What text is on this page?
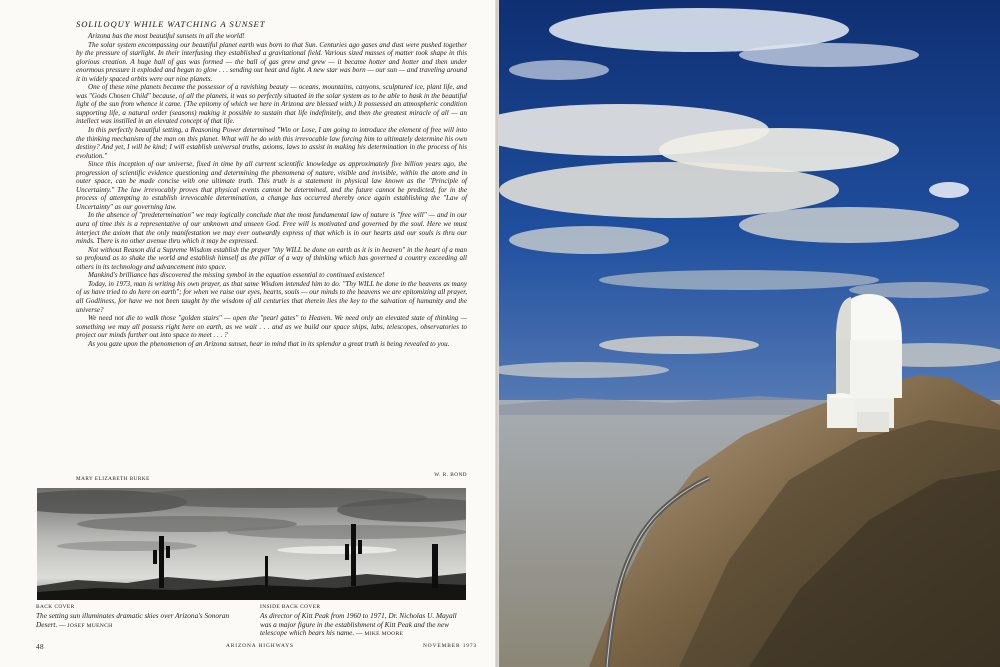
SOLILOQUY WHILE WATCHING A SUNSET

Arizona has the most beautiful sunsets in all the world!

The solar system encompassing our beautiful planet earth was born to that Sun. Centuries ago gases and dust were pushed together by the pressure of starlight. In their interfusing they established a gravitational field. Various sized masses of matter took shape in this glorious creation. A huge ball of gas was formed — the ball of gas grew and grew — it became hotter and hotter and then under enormous pressure it exploded and began to glow . . . sending out heat and light. A new star was born — our sun — and traveling around it in widely spaced orbits were our nine planets.

One of these nine planets became the possessor of a ravishing beauty — oceans, mountains, canyons, sculptured ice, plant life, and was "Gods Chosen Child" because, of all the planets, it was so perfectly situated in the solar system as to be able to bask in the beautiful light of the sun from whence it came. (The epitomy of which we here in Arizona are blessed with.) It possessed an atmospheric condition supporting life, a natural order (seasons) making it possible to sustain that life indefinitely, and then the greatest miracle of all — an intellect was instilled in an elevated concept of that life.

In this perfectly beautiful setting, a Reasoning Power determined "Win or Lose, I am going to introduce the element of free will into the thinking mechanism of the man on this planet. What will he do with this irrevocable law forcing him to ultimately determine his own destiny? And yet, I will be kind; I will establish universal truths, axioms, laws to assist in making his determination in the process of his evolution."

Since this inception of our universe, fixed in time by all current scientific knowledge as approximately five billion years ago, the progression of scientific evidence questioning and determining the phenomena of nature, visible and invisible, within the atom and in outer space, can be made concise with one ultimate truth. This truth is a statement in physical law known as the "Principle of Uncertainty." The law irrevocably proves that physical events cannot be determined, and the future cannot be predicted, for in the process of attempting to establish irrevocable determination, a change has occurred thereby once again establishing the "Law of Uncertainty" as our governing law.

In the absence of "predetermination" we may logically conclude that the most fundamental law of nature is "free will" — and in our aura of time this is a representative of our unknown and unseen God. Free will is motivated and governed by the soul. Here we must interject the axiom that the only manifestation we may ever outwardly express of that which is in our hearts and our souls is thru our minds. There is no other avenue thru which it may be expressed.

Not without Reason did a Supreme Wisdom establish the prayer "thy WILL be done on earth as it is in heaven" in the heart of a man so profound as to shake the world and establish himself as the pillar of a way of thinking which has governed a country exceeding all others in its technology and advancement into space.

Mankind's brilliance has discovered the missing symbol in the equation essential to continued existence!

Today, in 1973, man is writing his own prayer, as that same Wisdom intended him to do. "Thy WILL be done in the heavens as many of us have tried to do here on earth"; for when we raise our eyes, hearts, souls — our minds to the heavens we are epitomizing all prayer, all Godliness, for have we not been taught by the wisdom of all centuries that therein lies the key to the salvation of humanity and the universe?

We need not die to walk those "golden stairs" — open the "pearl gates" to Heaven. We need only an elevated state of thinking — something we may all possess right here on earth, as we wait . . . and as we build our space ships, labs, telescopes, observatories to project our minds further out into space to meet . . . ?

As you gaze upon the phenomenon of an Arizona sunset, hear in mind that in its splendor a great truth is being revealed to you.

MARY ELIZABETH BURKE
W. R. BOND
BACK COVER
The setting sun illuminates dramatic skies over Arizona's Sonoran Desert. — JOSEF MUENCH
INSIDE BACK COVER
As director of Kitt Peak from 1960 to 1971, Dr. Nicholas U. Mayall was a major figure in the establishment of Kitt Peak and the new telescope which bears his name. — MIKE MOORE
48	ARIZONA HIGHWAYS	NOVEMBER 1973
